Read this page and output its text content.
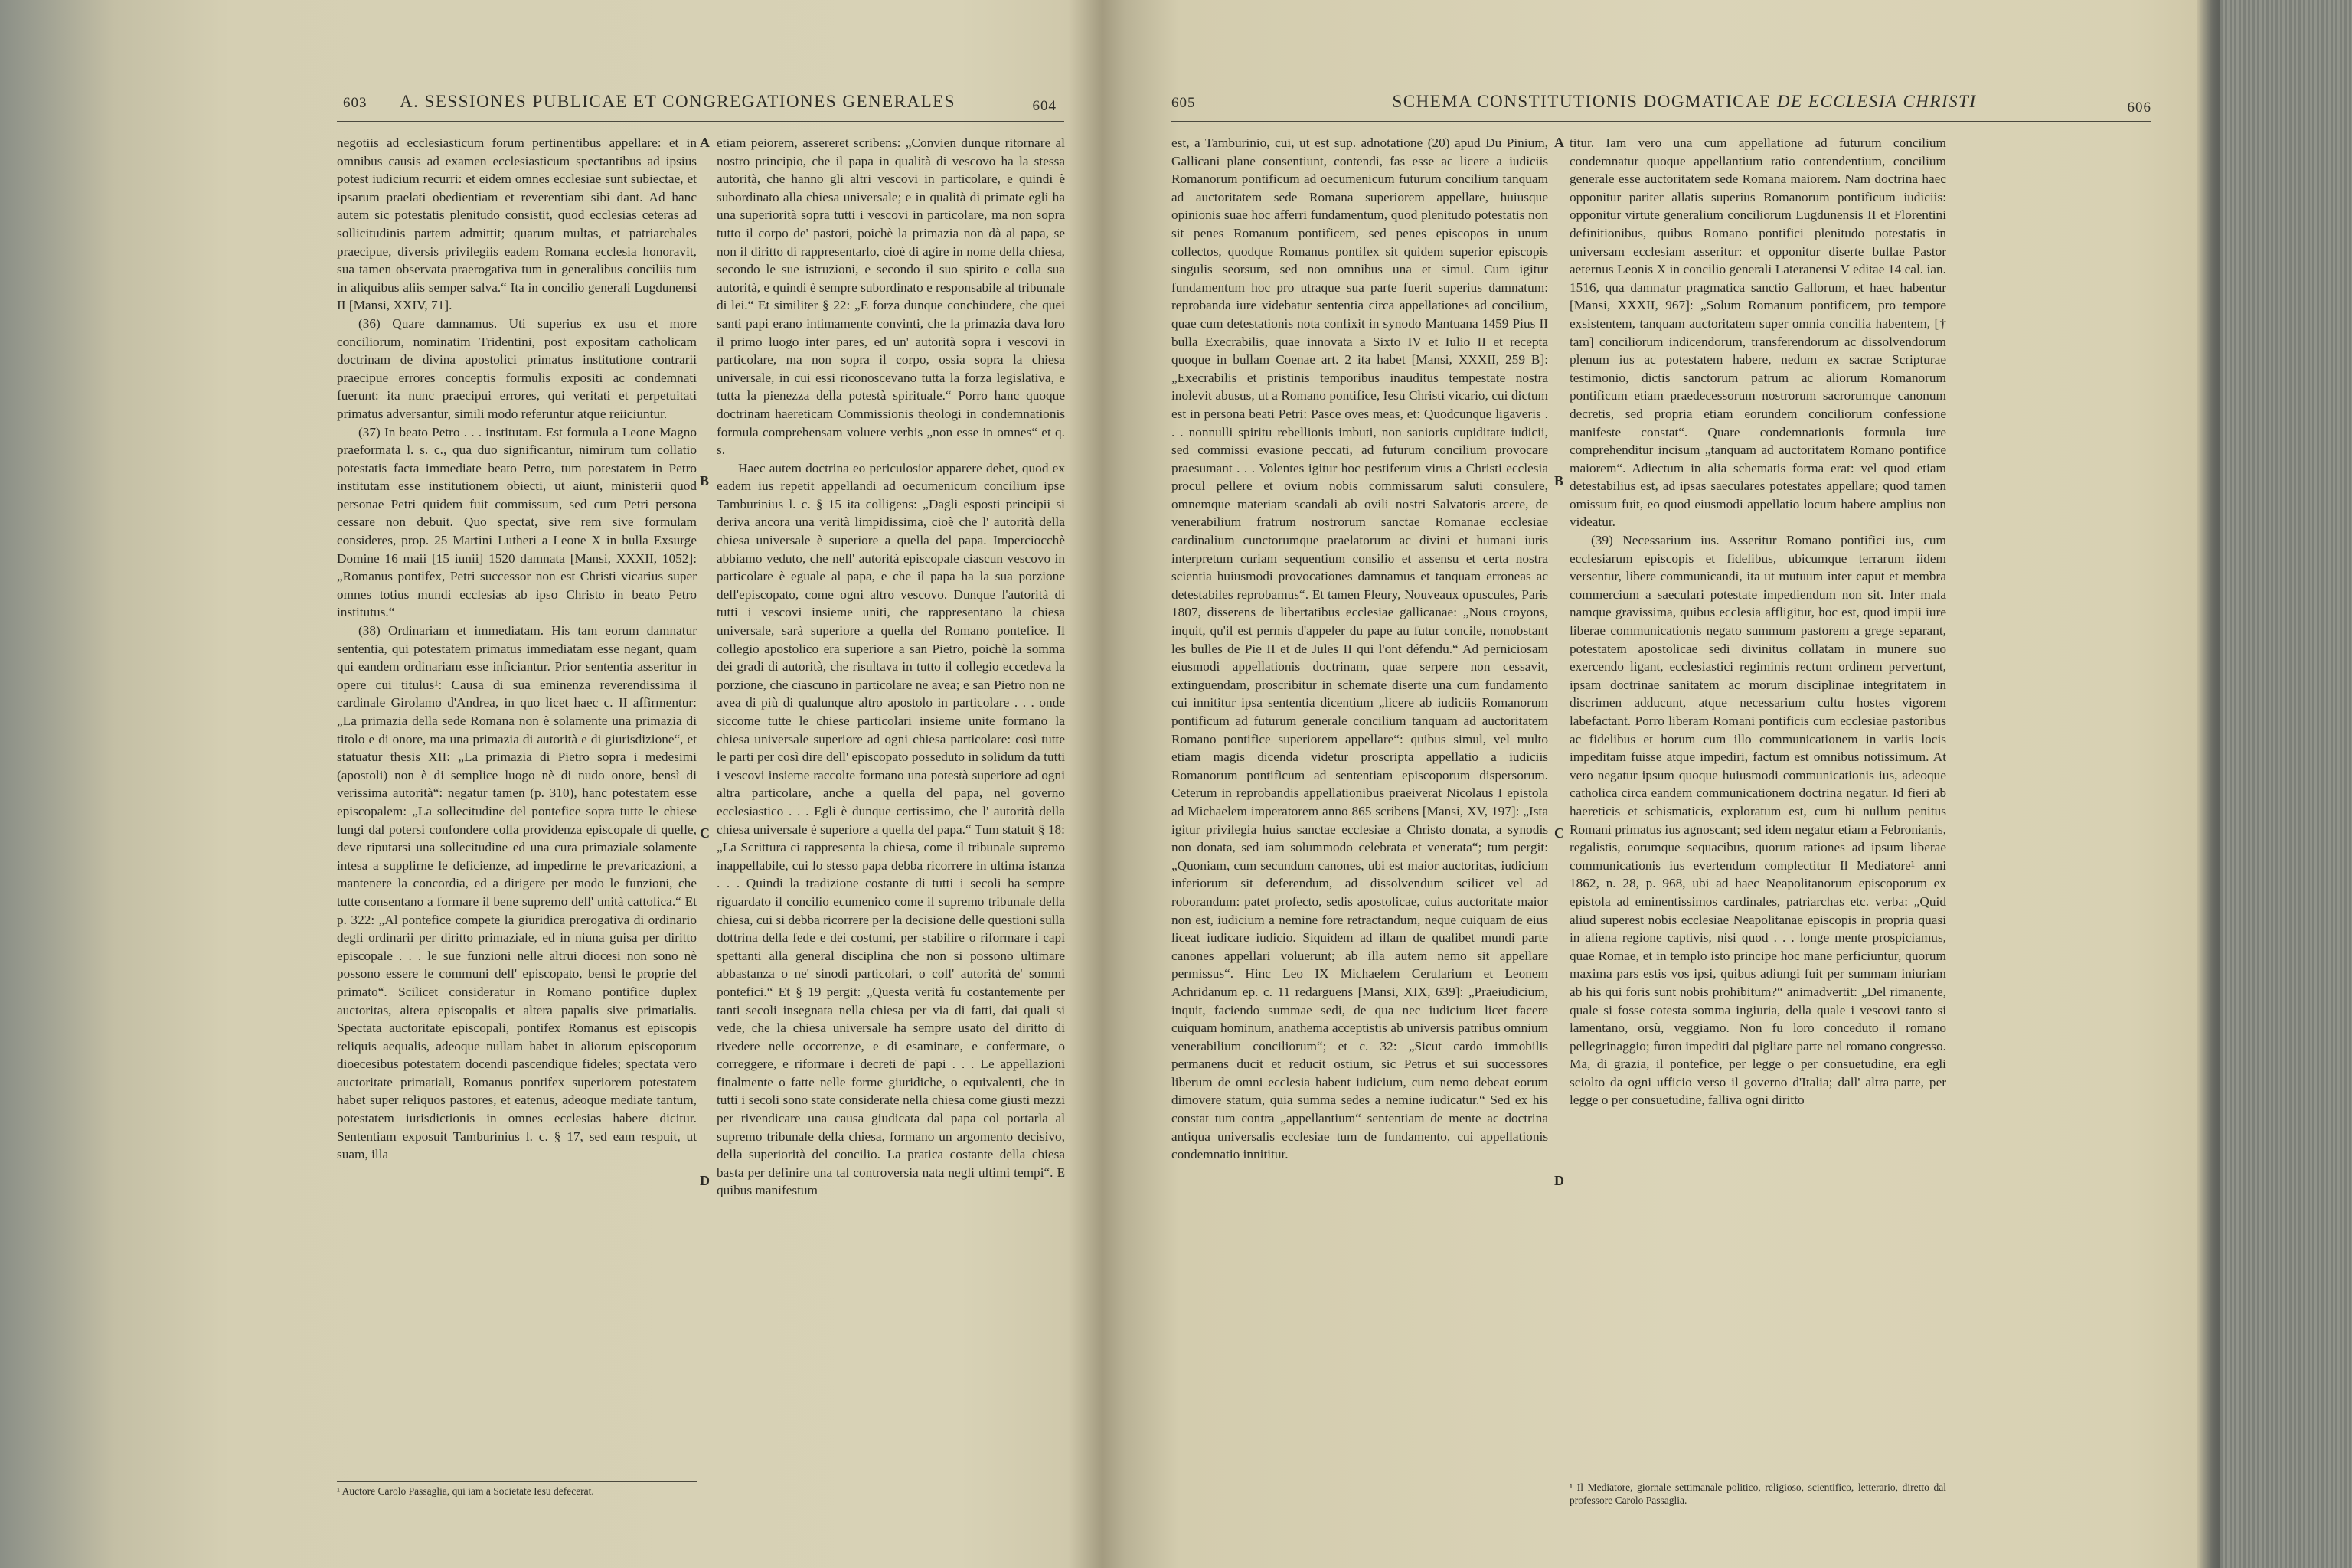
603	A. SESSIONES PUBLICAE ET CONGREGATIONES GENERALES	604

negotiis ad ecclesiasticum forum pertinentibus appellare: et in omnibus causis ad examen ecclesiasticum spectantibus ad ipsius potest iudicium recurri: et eidem omnes ecclesiae sunt subiectae, et ipsarum praelati obedientiam et reverentiam sibi dant. Ad hanc autem sic potestatis plenitudo consistit, quod ecclesias ceteras ad sollicitudinis partem admittit; quarum multas, et patriarchales praecipue, diversis privilegiis eadem Romana ecclesia honoravit, sua tamen observata praerogativa tum in generalibus conciliis tum in aliquibus aliis semper salva.“ Ita in concilio generali Lugdunensi II [Mansi, XXIV, 71].

(36) Quare damnamus. Uti superius ex usu et more conciliorum, nominatim Tridentini, post expositam catholicam doctrinam de divina apostolici primatus institutione contrarii praecipue errores conceptis formulis expositi ac condemnati fuerunt: ita nunc praecipui errores, qui veritati et perpetuitati primatus adversantur, simili modo referuntur atque reiiciuntur.

(37) In beato Petro . . . institutam. Est formula a Leone Magno praeformata l. s. c., qua duo significantur, nimirum tum collatio potestatis facta immediate beato Petro, tum potestatem in Petro institutam esse institutionem obiecti, ut aiunt, ministerii quod personae Petri quidem fuit commissum, sed cum Petri persona cessare non debuit. Quo spectat, sive rem sive formulam consideres, prop. 25 Martini Lutheri a Leone X in bulla Exsurge Domine 16 maii [15 iunii] 1520 damnata [Mansi, XXXII, 1052]: „Romanus pontifex, Petri successor non est Christi vicarius super omnes totius mundi ecclesias ab ipso Christo in beato Petro institutus.“

(38) Ordinariam et immediatam. His tam eorum damnatur sententia, qui potestatem primatus immediatam esse negant, quam qui eandem ordinariam esse inficiantur. Prior sententia asseritur in opere cui titulus¹: Causa di sua eminenza reverendissima il cardinale Girolamo d'Andrea, in quo licet haec c. II affirmentur: „La primazia della sede Romana non è solamente una primazia di titolo e di onore, ma una primazia di autorità e di giurisdizione“, et statuatur thesis XII: „La primazia di Pietro sopra i medesimi (apostoli) non è di semplice luogo nè di nudo onore, bensì di verissima autorità“: negatur tamen (p. 310), hanc potestatem esse episcopalem: „La sollecitudine del pontefice sopra tutte le chiese lungi dal potersi confondere colla providenza episcopale di quelle, deve riputarsi una sollecitudine ed una cura primaziale solamente intesa a supplirne le deficienze, ad impedirne le prevaricazioni, a mantenere la concordia, ed a dirigere per modo le funzioni, che tutte consentano a formare il bene supremo dell' unità cattolica.“ Et p. 322: „Al pontefice compete la giuridica prerogativa di ordinario degli ordinarii per diritto primaziale, ed in niuna guisa per diritto episcopale . . . le sue funzioni nelle altrui diocesi non sono nè possono essere le communi dell' episcopato, bensì le proprie del primato“. Scilicet consideratur in Romano pontifice duplex auctoritas, altera episcopalis et altera papalis sive primatialis. Spectata auctoritate episcopali, pontifex Romanus est episcopis reliquis aequalis, adeoque nullam habet in aliorum episcoporum dioecesibus potestatem docendi pascendique fideles; spectata vero auctoritate primatiali, Romanus pontifex superiorem potestatem habet super reliquos pastores, et eatenus, adeoque mediate tantum, potestatem iurisdictionis in omnes ecclesias habere dicitur. Sententiam exposuit Tamburinius l. c. § 17, sed eam respuit, ut suam, illa

¹ Auctore Carolo Passaglia, qui iam a Societate Iesu defecerat.
A
B
C
D

etiam peiorem, assereret scribens: „Convien dunque ritornare al nostro principio, che il papa in qualità di vescovo ha la stessa autorità, che hanno gli altri vescovi in particolare, e quindi è subordinato alla chiesa universale; e in qualità di primate egli ha una superiorità sopra tutti i vescovi in particolare, ma non sopra tutto il corpo de' pastori, poichè la primazia non dà al papa, se non il diritto di rappresentarlo, cioè di agire in nome della chiesa, secondo le sue istruzioni, e secondo il suo spirito e colla sua autorità, e quindi è sempre subordinato e responsabile al tribunale di lei.“ Et similiter § 22: „E forza dunque conchiudere, che quei santi papi erano intimamente convinti, che la primazia dava loro il primo luogo inter pares, ed un' autorità sopra i vescovi in particolare, ma non sopra il corpo, ossia sopra la chiesa universale, in cui essi riconoscevano tutta la forza legislativa, e tutta la pienezza della potestà spirituale.“ Porro hanc quoque doctrinam haereticam Commissionis theologi in condemnationis formula comprehensam voluere verbis „non esse in omnes“ et q. s.

Haec autem doctrina eo periculosior apparere debet, quod ex eadem ius repetit appellandi ad oecumenicum concilium ipse Tamburinius l. c. § 15 ita colligens: „Dagli esposti principii si deriva ancora una verità limpidissima, cioè che l' autorità della chiesa universale è superiore a quella del papa. Imperciocchè abbiamo veduto, che nell' autorità episcopale ciascun vescovo in particolare è eguale al papa, e che il papa ha la sua porzione dell'episcopato, come ogni altro vescovo. Dunque l'autorità di tutti i vescovi insieme uniti, che rappresentano la chiesa universale, sarà superiore a quella del Romano pontefice. Il collegio apostolico era superiore a san Pietro, poichè la somma dei gradi di autorità, che risultava in tutto il collegio eccedeva la porzione, che ciascuno in particolare ne avea; e san Pietro non ne avea di più di qualunque altro apostolo in particolare . . . onde siccome tutte le chiese particolari insieme unite formano la chiesa universale superiore ad ogni chiesa particolare: così tutte le parti per così dire dell' episcopato posseduto in solidum da tutti i vescovi insieme raccolte formano una potestà superiore ad ogni altra particolare, anche a quella del papa, nel governo ecclesiastico . . . Egli è dunque certissimo, che l' autorità della chiesa universale è superiore a quella del papa.“ Tum statuit § 18: „La Scrittura ci rappresenta la chiesa, come il tribunale supremo inappellabile, cui lo stesso papa debba ricorrere in ultima istanza . . . Quindi la tradizione costante di tutti i secoli ha sempre riguardato il concilio ecumenico come il supremo tribunale della chiesa, cui si debba ricorrere per la decisione delle questioni sulla dottrina della fede e dei costumi, per stabilire o riformare i capi spettanti alla general disciplina che non si possono ultimare abbastanza o ne' sinodi particolari, o coll' autorità de' sommi pontefici.“ Et § 19 pergit: „Questa verità fu costantemente per tanti secoli insegnata nella chiesa per via di fatti, dai quali si vede, che la chiesa universale ha sempre usato del diritto di rivedere nelle occorrenze, e di esaminare, e confermare, o correggere, e riformare i decreti de' papi . . . Le appellazioni finalmente o fatte nelle forme giuridiche, o equivalenti, che in tutti i secoli sono state considerate nella chiesa come giusti mezzi per rivendicare una causa giudicata dal papa col portarla al supremo tribunale della chiesa, formano un argomento decisivo, della superiorità del concilio. La pratica costante della chiesa basta per definire una tal controversia nata negli ultimi tempi“. E quibus manifestum

605	SCHEMA CONSTITUTIONIS DOGMATICAE DE ECCLESIA CHRISTI	606

est, a Tamburinio, cui, ut est sup. adnotatione (20) apud Du Pinium, Gallicani plane consentiunt, contendi, fas esse ac licere a iudiciis Romanorum pontificum ad oecumenicum futurum concilium tanquam ad auctoritatem sede Romana superiorem appellare, huiusque opinionis suae hoc afferri fundamentum, quod plenitudo potestatis non sit penes Romanum pontificem, sed penes episcopos in unum collectos, quodque Romanus pontifex sit quidem superior episcopis singulis seorsum, sed non omnibus una et simul. Cum igitur fundamentum hoc pro utraque sua parte fuerit superius damnatum: reprobanda iure videbatur sententia circa appellationes ad concilium, quae cum detestationis nota confixit in synodo Mantuana 1459 Pius II bulla Execrabilis, quae innovata a Sixto IV et Iulio II et recepta quoque in bullam Coenae art. 2 ita habet [Mansi, XXXII, 259 B]: „Execrabilis et pristinis temporibus inauditus tempestate nostra inolevit abusus, ut a Romano pontifice, Iesu Christi vicario, cui dictum est in persona beati Petri: Pasce oves meas, et: Quodcunque ligaveris . . . nonnulli spiritu rebellionis imbuti, non sanioris cupiditate iudicii, sed commissi evasione peccati, ad futurum concilium provocare praesumant . . . Volentes igitur hoc pestiferum virus a Christi ecclesia procul pellere et ovium nobis commissarum saluti consulere, omnemque materiam scandali ab ovili nostri Salvatoris arcere, de venerabilium fratrum nostrorum sanctae Romanae ecclesiae cardinalium cunctorumque praelatorum ac divini et humani iuris interpretum curiam sequentium consilio et assensu et certa nostra scientia huiusmodi provocationes damnamus et tanquam erroneas ac detestabiles reprobamus“. Et tamen Fleury, Nouveaux opuscules, Paris 1807, disserens de libertatibus ecclesiae gallicanae: „Nous croyons, inquit, qu'il est permis d'appeler du pape au futur concile, nonobstant les bulles de Pie II et de Jules II qui l'ont défendu.“ Ad perniciosam eiusmodi appellationis doctrinam, quae serpere non cessavit, extinguendam, proscribitur in schemate diserte una cum fundamento cui innititur ipsa sententia dicentium „licere ab iudiciis Romanorum pontificum ad futurum generale concilium tanquam ad auctoritatem Romano pontifice superiorem appellare“: quibus simul, vel multo etiam magis dicenda videtur proscripta appellatio a iudiciis Romanorum pontificum ad sententiam episcoporum dispersorum. Ceterum in reprobandis appellationibus praeiverat Nicolaus I epistola ad Michaelem imperatorem anno 865 scribens [Mansi, XV, 197]: „Ista igitur privilegia huius sanctae ecclesiae a Christo donata, a synodis non donata, sed iam solummodo celebrata et venerata“; tum pergit: „Quoniam, cum secundum canones, ubi est maior auctoritas, iudicium inferiorum sit deferendum, ad dissolvendum scilicet vel ad roborandum: patet profecto, sedis apostolicae, cuius auctoritate maior non est, iudicium a nemine fore retractandum, neque cuiquam de eius liceat iudicare iudicio. Siquidem ad illam de qualibet mundi parte canones appellari voluerunt; ab illa autem nemo sit appellare permissus“. Hinc Leo IX Michaelem Cerularium et Leonem Achridanum ep. c. 11 redarguens [Mansi, XIX, 639]: „Praeiudicium, inquit, faciendo summae sedi, de qua nec iudicium licet facere cuiquam hominum, anathema acceptistis ab universis patribus omnium venerabilium conciliorum“; et c. 32: „Sicut cardo immobilis permanens ducit et reducit ostium, sic Petrus et sui successores liberum de omni ecclesia habent iudicium, cum nemo debeat eorum dimovere statum, quia summa sedes a nemine iudicatur.“ Sed ex his constat tum contra „appellantium“ sententiam de mente ac doctrina antiqua universalis ecclesiae tum de fundamento, cui appellationis condemnatio innititur.

A
B
C
D

titur. Iam vero una cum appellatione ad futurum concilium condemnatur quoque appellantium ratio contendentium, concilium generale esse auctoritatem sede Romana maiorem. Nam doctrina haec opponitur pariter allatis superius Romanorum pontificum iudiciis: opponitur virtute generalium conciliorum Lugdunensis II et Florentini definitionibus, quibus Romano pontifici plenitudo potestatis in universam ecclesiam asseritur: et opponitur diserte bullae Pastor aeternus Leonis X in concilio generali Lateranensi V editae 14 cal. ian. 1516, qua damnatur pragmatica sanctio Gallorum, et haec habentur [Mansi, XXXII, 967]: „Solum Romanum pontificem, pro tempore exsistentem, tanquam auctoritatem super omnia concilia habentem, [† tam] conciliorum indicendorum, transferendorum ac dissolvendorum plenum ius ac potestatem habere, nedum ex sacrae Scripturae testimonio, dictis sanctorum patrum ac aliorum Romanorum pontificum etiam praedecessorum nostrorum sacrorumque canonum decretis, sed propria etiam eorundem conciliorum confessione manifeste constat“. Quare condemnationis formula iure comprehenditur incisum „tanquam ad auctoritatem Romano pontifice maiorem“. Adiectum in alia schematis forma erat: vel quod etiam detestabilius est, ad ipsas saeculares potestates appellare; quod tamen omissum fuit, eo quod eiusmodi appellatio locum habere amplius non videatur.

(39) Necessarium ius. Asseritur Romano pontifici ius, cum ecclesiarum episcopis et fidelibus, ubicumque terrarum iidem versentur, libere communicandi, ita ut mutuum inter caput et membra commercium a saeculari potestate impediendum non sit. Inter mala namque gravissima, quibus ecclesia affligitur, hoc est, quod impii iure liberae communicationis negato summum pastorem a grege separant, potestatem apostolicae sedi divinitus collatam in munere suo exercendo ligant, ecclesiastici regiminis rectum ordinem pervertunt, ipsam doctrinae sanitatem ac morum disciplinae integritatem in discrimen adducunt, atque necessarium cultu hostes vigorem labefactant. Porro liberam Romani pontificis cum ecclesiae pastoribus ac fidelibus et horum cum illo communicationem in variis locis impeditam fuisse atque impediri, factum est omnibus notissimum. At vero negatur ipsum quoque huiusmodi communicationis ius, adeoque catholica circa eandem communicationem doctrina negatur. Id fieri ab haereticis et schismaticis, exploratum est, cum hi nullum penitus Romani primatus ius agnoscant; sed idem negatur etiam a Febronianis, regalistis, eorumque sequacibus, quorum rationes ad ipsum liberae communicationis ius evertendum complectitur Il Mediatore¹ anni 1862, n. 28, p. 968, ubi ad haec Neapolitanorum episcoporum ex epistola ad eminentissimos cardinales, patriarchas etc. verba: „Quid aliud superest nobis ecclesiae Neapolitanae episcopis in propria quasi in aliena regione captivis, nisi quod . . . longe mente prospiciamus, quae Romae, et in templo isto principe hoc mane perficiuntur, quorum maxima pars estis vos ipsi, quibus adiungi fuit per summam iniuriam ab his qui foris sunt nobis prohibitum?“ animadvertit: „Del rimanente, quale si fosse cotesta somma ingiuria, della quale i vescovi tanto si lamentano, orsù, veggiamo. Non fu loro conceduto il romano pellegrinaggio; furon impediti dal pigliare parte nel romano congresso. Ma, di grazia, il pontefice, per legge o per consuetudine, era egli sciolto da ogni ufficio verso il governo d'Italia; dall' altra parte, per legge o per consuetudine, falliva ogni diritto

¹ Il Mediatore, giornale settimanale politico, religioso, scientifico, letterario, diretto dal professore Carolo Passaglia.
